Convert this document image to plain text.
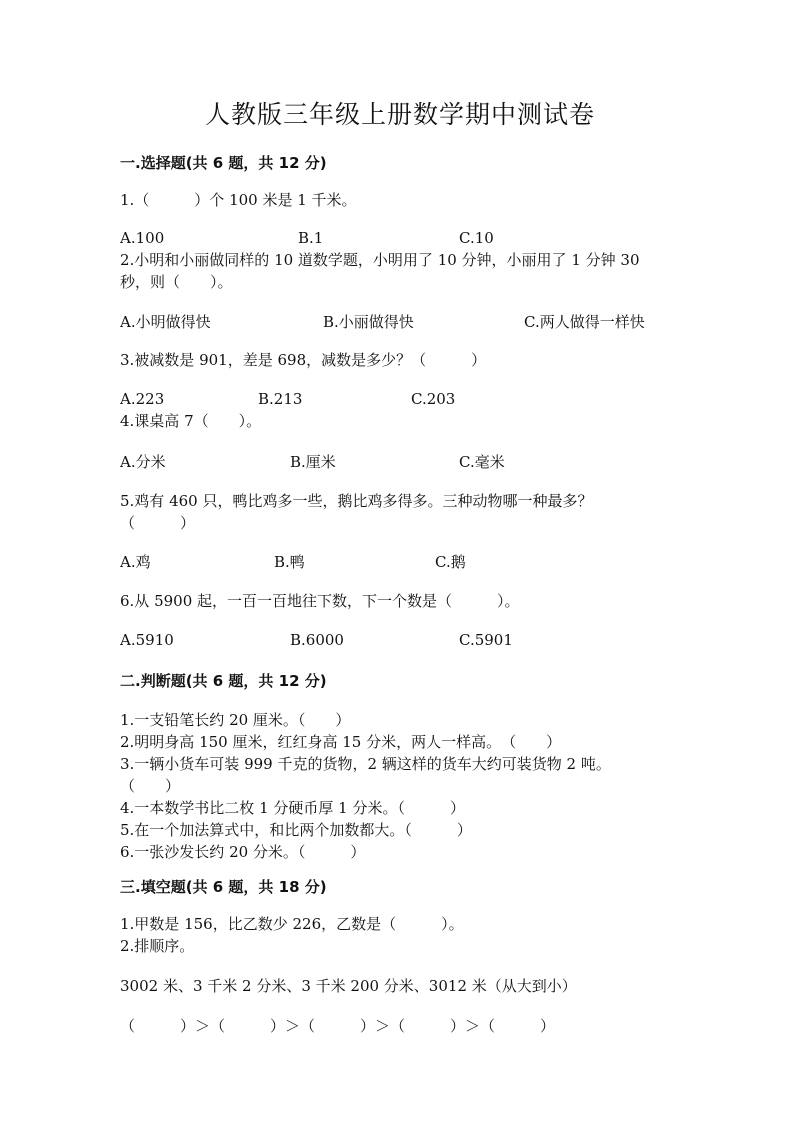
人教版三年级上册数学期中测试卷
一.选择题(共 6 题，共 12 分)
1.（　　　）个 100 米是 1 千米。
A.100	B.1	C.10
2.小明和小丽做同样的 10 道数学题，小明用了 10 分钟，小丽用了 1 分钟 30
秒，则（　　）。
A.小明做得快	B.小丽做得快	C.两人做得一样快
3.被减数是 901，差是 698，减数是多少？（　　　）
A.223	B.213	C.203
4.课桌高 7（　　）。
A.分米	B.厘米	C.毫米
5.鸡有 460 只，鸭比鸡多一些，鹅比鸡多得多。三种动物哪一种最多？
（　　　）
A.鸡	B.鸭	C.鹅
6.从 5900 起，一百一百地往下数，下一个数是（　　　）。
A.5910	B.6000	C.5901
二.判断题(共 6 题，共 12 分)
1.一支铅笔长约 20 厘米。（　　）
2.明明身高 150 厘米，红红身高 15 分米，两人一样高。　（　　）
3.一辆小货车可装 999 千克的货物，2 辆这样的货车大约可装货物 2 吨。
（　　）
4.一本数学书比二枚 1 分硬币厚 1 分米。（　　　）
5.在一个加法算式中，和比两个加数都大。（　　　）
6.一张沙发长约 20 分米。（　　　）
三.填空题(共 6 题，共 18 分)
1.甲数是 156，比乙数少 226，乙数是（　　　）。
2.排顺序。
3002 米、3 千米 2 分米、3 千米 200 分米、3012 米（从大到小）
（　　　）＞（　　　）＞（　　　）＞（　　　）＞（　　　）
